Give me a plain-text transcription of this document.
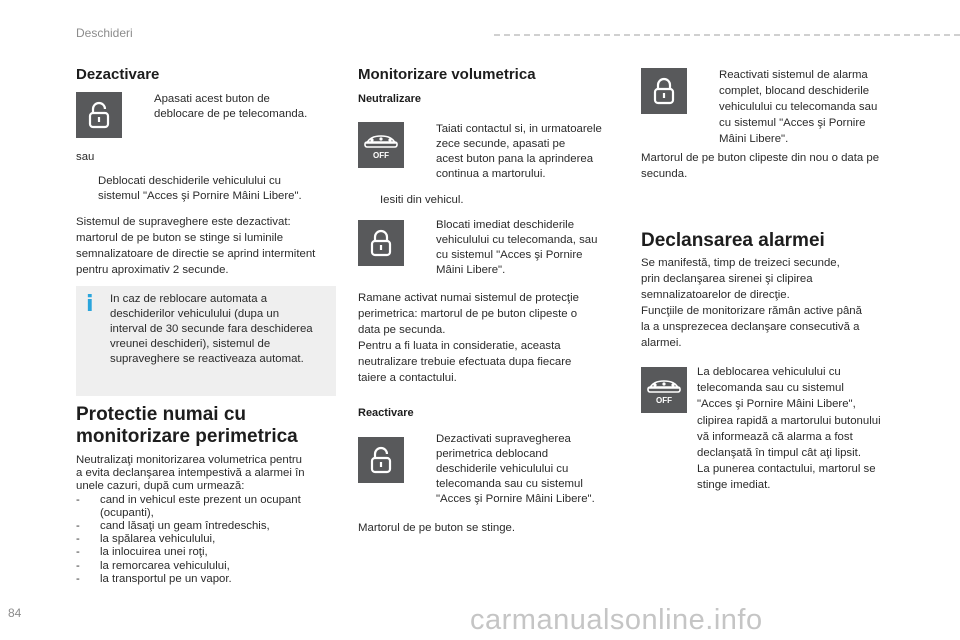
Deschideri
Dezactivare
Apasati acest buton de
deblocare de pe telecomanda.
sau
Deblocati deschiderile vehiculului cu
sistemul "Acces şi Pornire Mâini Libere".
Sistemul de supraveghere este dezactivat:
martorul de pe buton se stinge si luminile
semnalizatoare de directie se aprind intermitent
pentru aproximativ 2 secunde.
i In caz de reblocare automata a
deschiderilor vehiculului (dupa un
interval de 30 secunde fara deschiderea
vreunei deschideri), sistemul de
supraveghere se reactiveaza automat.
Protectie numai cu
monitorizare perimetrica
Neutralizaţi monitorizarea volumetrica pentru
a evita declanşarea intempestivă a alarmei în
unele cazuri, după cum urmează:
-	cand in vehicul este prezent un ocupant
(ocupanti),
-	cand lăsaţi un geam întredeschis,
-	la spălarea vehiculului,
-	la inlocuirea unei roţi,
-	la remorcarea vehiculului,
-	la transportul pe un vapor.
Monitorizare volumetrica
Neutralizare
OFF
Taiati contactul si, in urmatoarele
zece secunde, apasati pe
acest buton pana la aprinderea
continua a martorului.
Iesiti din vehicul.
Blocati imediat deschiderile
vehiculului cu telecomanda, sau
cu sistemul "Acces şi Pornire
Mâini Libere".
Ramane activat numai sistemul de protecţie
perimetrica: martorul de pe buton clipeste o
data pe secunda.
Pentru a fi luata in consideratie, aceasta
neutralizare trebuie efectuata dupa fiecare
taiere a contactului.
Reactivare
Dezactivati supravegherea
perimetrica deblocand
deschiderile vehiculului cu
telecomanda sau cu sistemul
"Acces şi Pornire Mâini Libere".
Martorul de pe buton se stinge.
Reactivati sistemul de alarma
complet, blocand deschiderile
vehiculului cu telecomanda sau
cu sistemul "Acces şi Pornire
Mâini Libere".
Martorul de pe buton clipeste din nou o data pe
secunda.
Declansarea alarmei
Se manifestă, timp de treizeci secunde,
prin declanşarea sirenei şi clipirea
semnalizatoarelor de direcţie.
Funcţiile de monitorizare rămân active până
la a unsprezecea declanşare consecutivă a
alarmei.
OFF
La deblocarea vehiculului cu
telecomanda sau cu sistemul
"Acces şi Pornire Mâini Libere",
clipirea rapidă a martorului butonului
vă informează că alarma a fost
declanşată în timpul cât aţi lipsit.
La punerea contactului, martorul se
stinge imediat.
84	carmanualsonline.info
